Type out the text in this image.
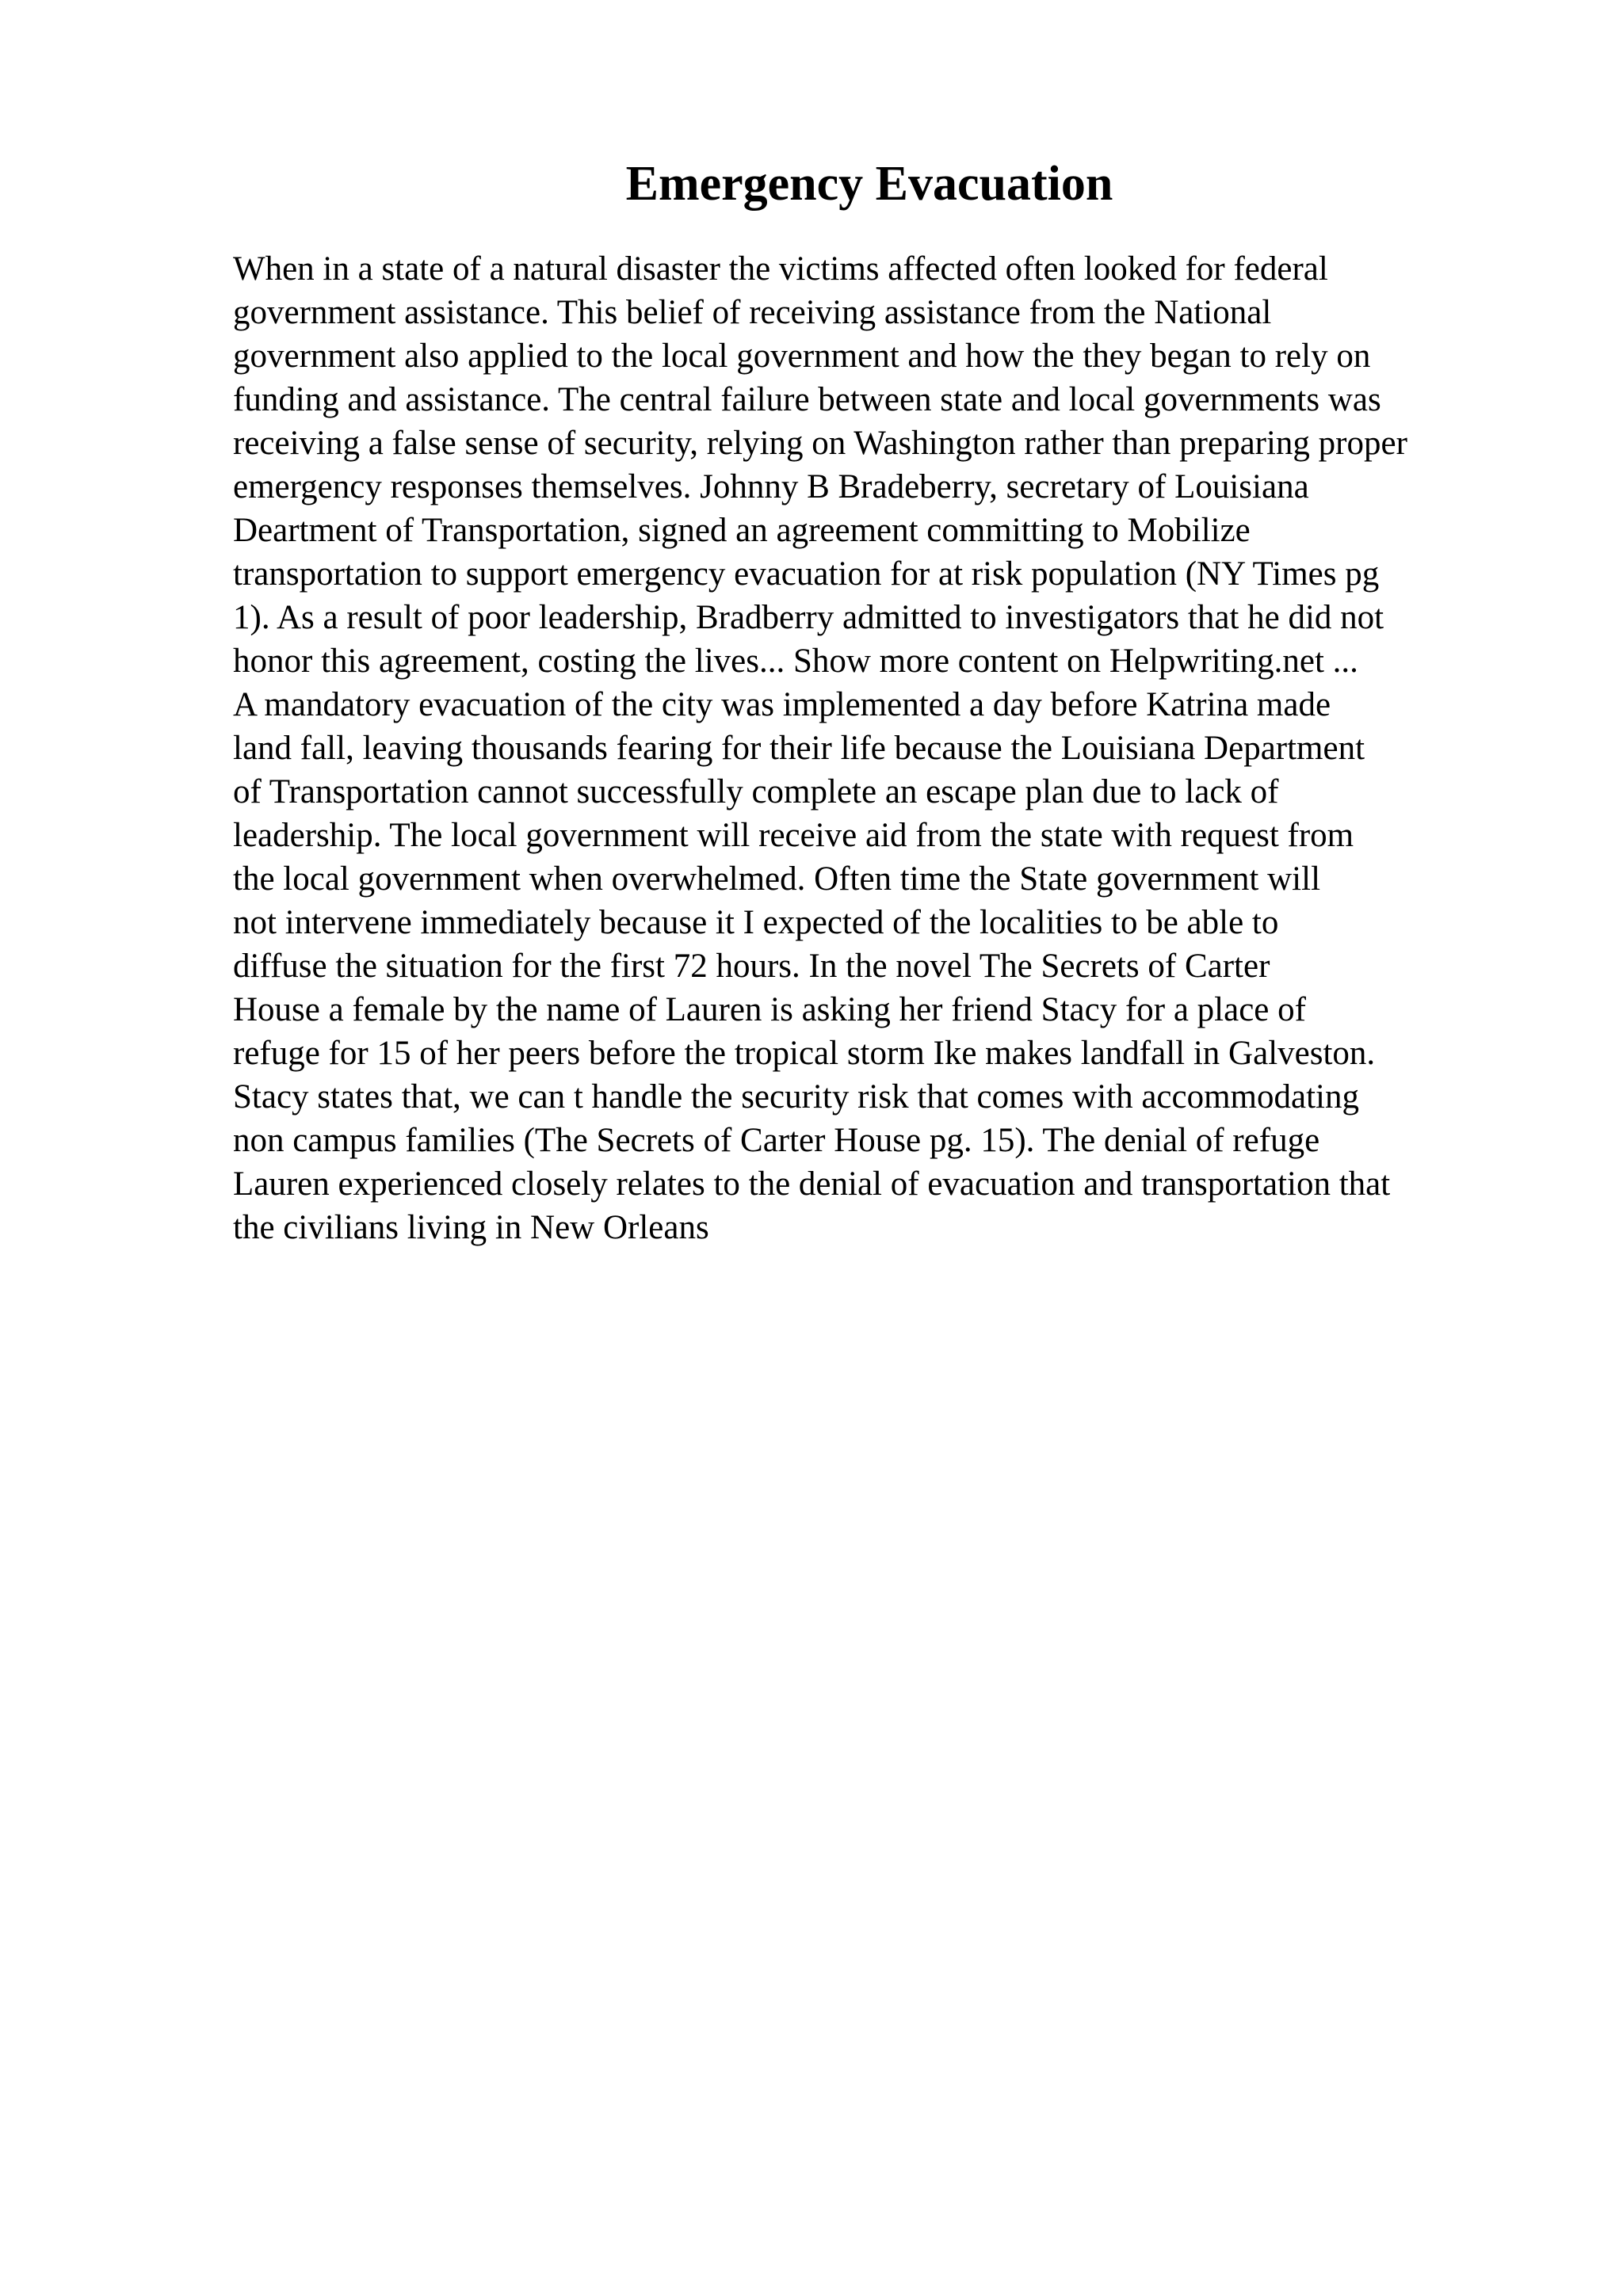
Emergency Evacuation
When in a state of a natural disaster the victims affected often looked for federal
government assistance. This belief of receiving assistance from the National
government also applied to the local government and how the they began to rely on
funding and assistance. The central failure between state and local governments was
receiving a false sense of security, relying on Washington rather than preparing proper
emergency responses themselves. Johnny B Bradeberry, secretary of Louisiana
Deartment of Transportation, signed an agreement committing to Mobilize
transportation to support emergency evacuation for at risk population (NY Times pg
1). As a result of poor leadership, Bradberry admitted to investigators that he did not
honor this agreement, costing the lives... Show more content on Helpwriting.net ...
A mandatory evacuation of the city was implemented a day before Katrina made
land fall, leaving thousands fearing for their life because the Louisiana Department
of Transportation cannot successfully complete an escape plan due to lack of
leadership. The local government will receive aid from the state with request from
the local government when overwhelmed. Often time the State government will
not intervene immediately because it I expected of the localities to be able to
diffuse the situation for the first 72 hours. In the novel The Secrets of Carter
House a female by the name of Lauren is asking her friend Stacy for a place of
refuge for 15 of her peers before the tropical storm Ike makes landfall in Galveston.
Stacy states that, we can t handle the security risk that comes with accommodating
non campus families (The Secrets of Carter House pg. 15). The denial of refuge
Lauren experienced closely relates to the denial of evacuation and transportation that
the civilians living in New Orleans
